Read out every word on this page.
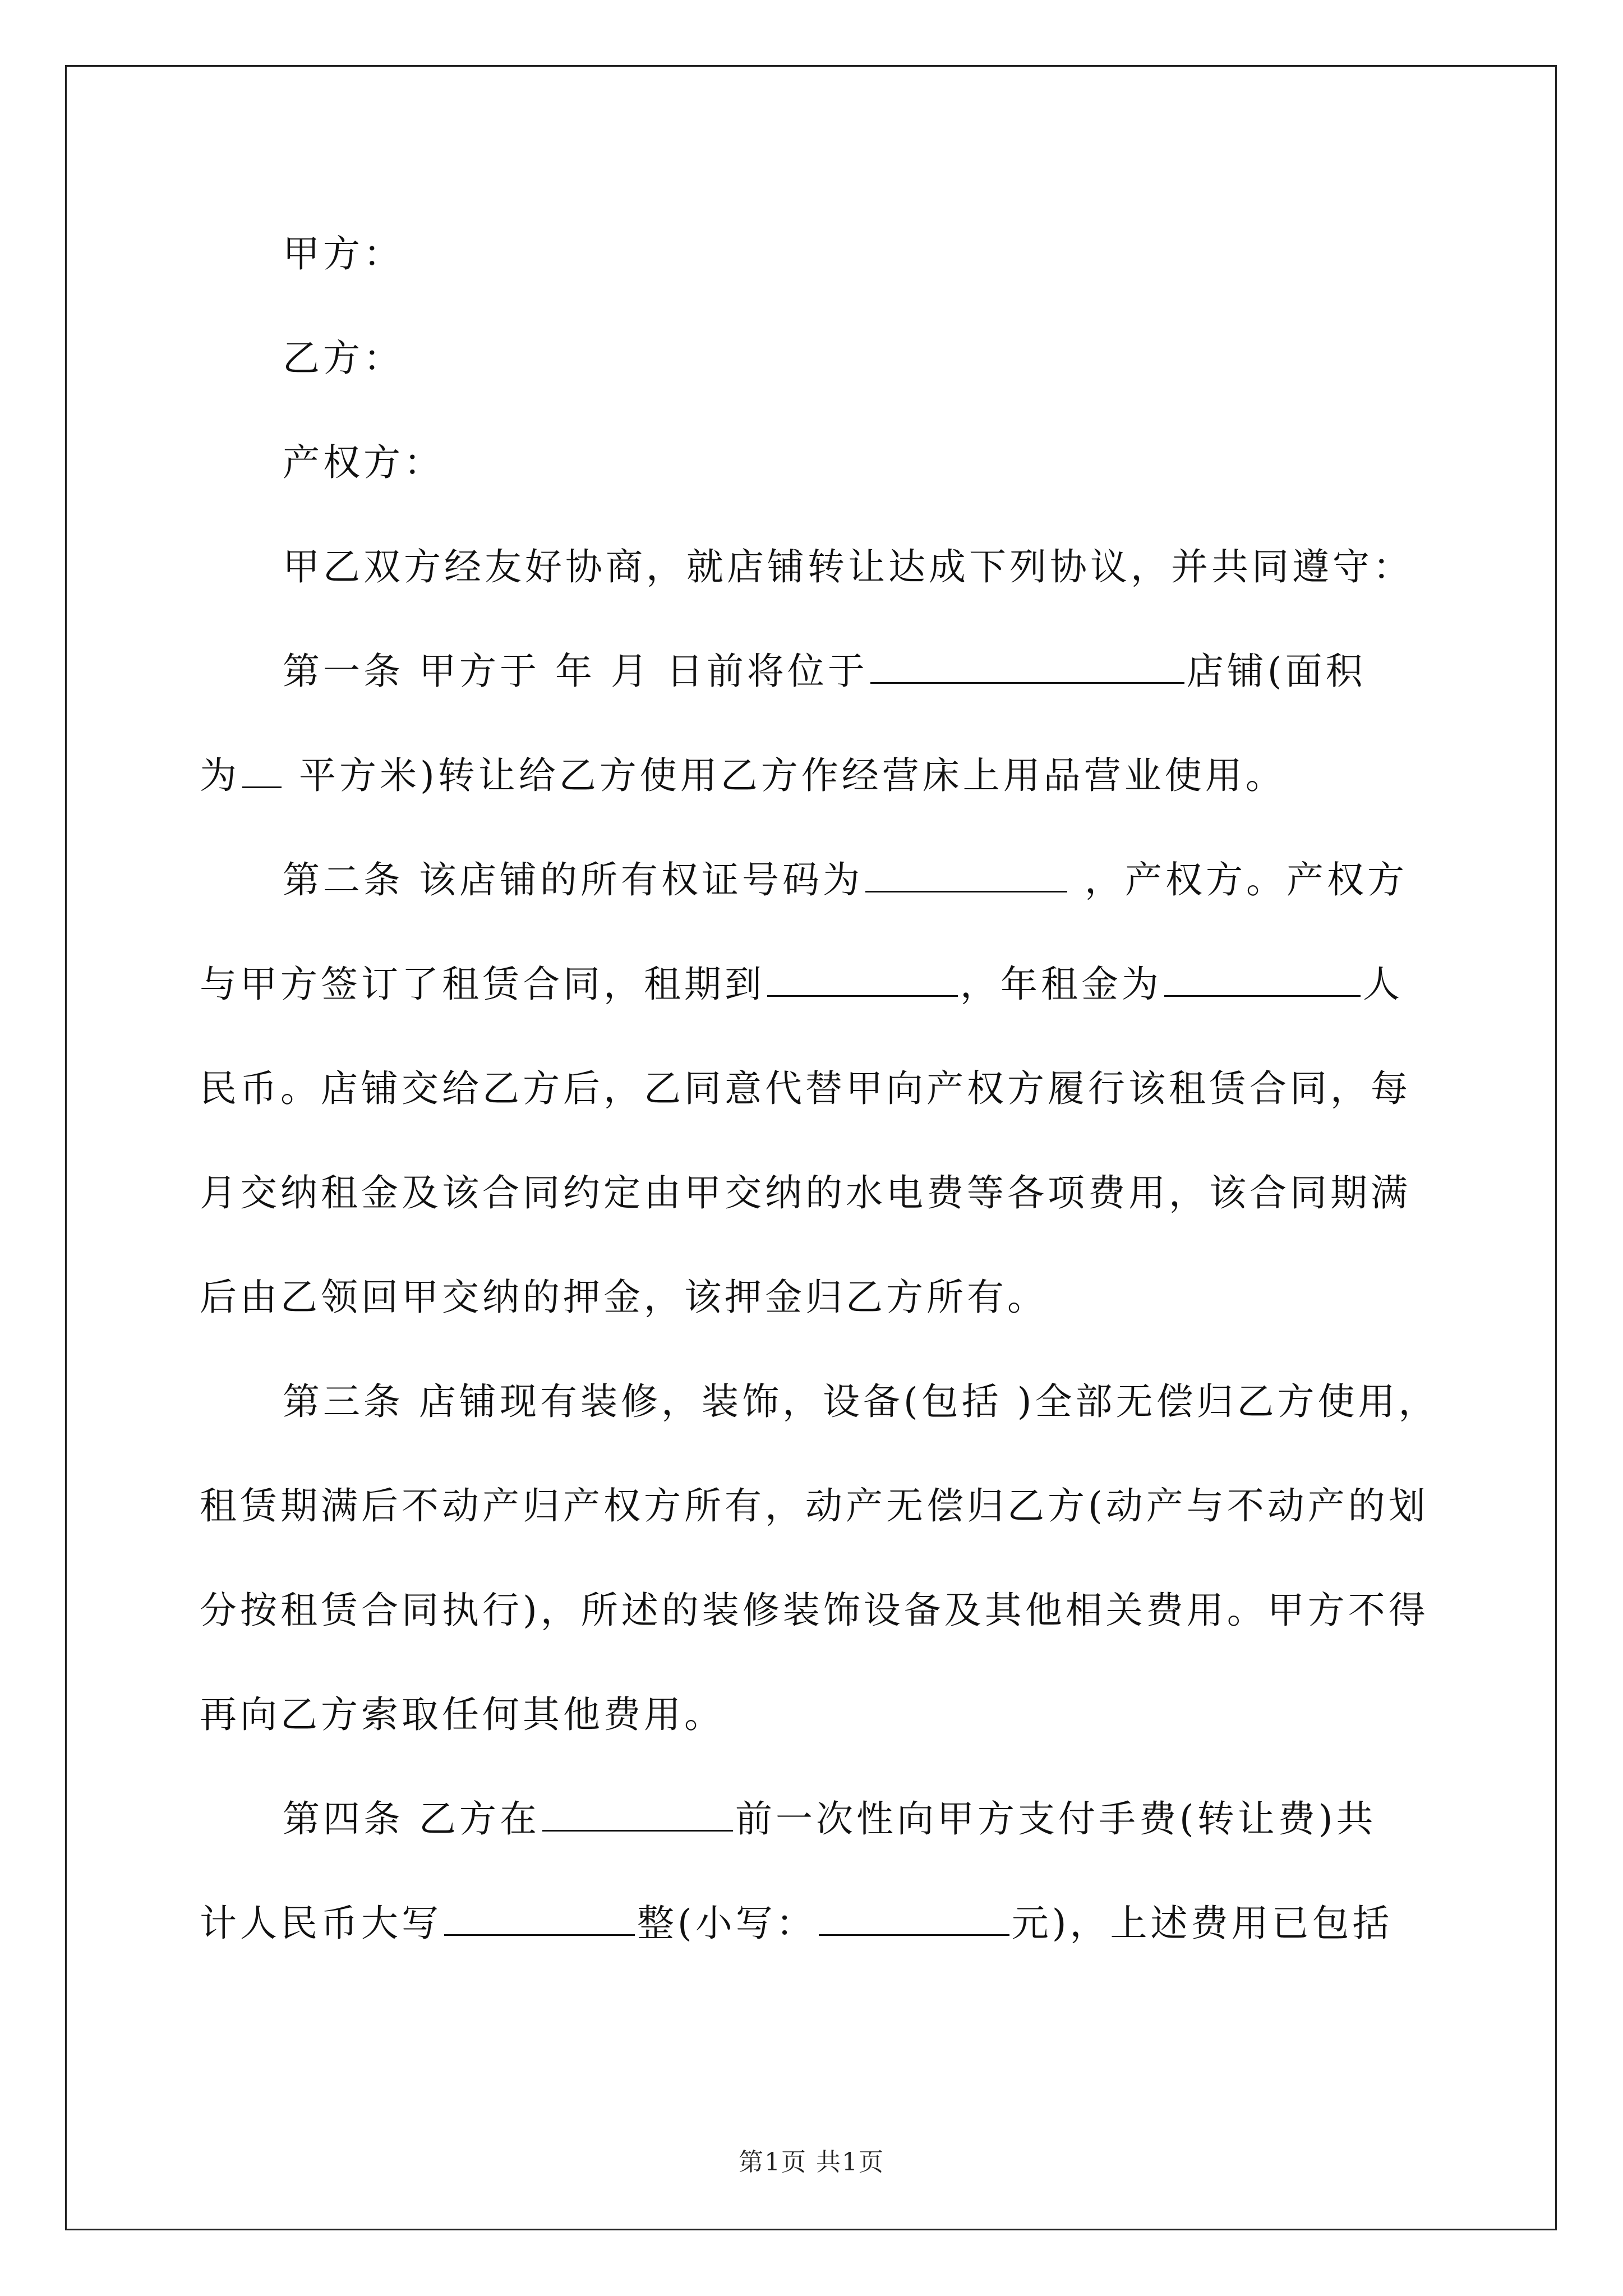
甲方：
乙方：
产权方：
甲乙双方经友好协商，就店铺转让达成下列协议，并共同遵守：
第一条 甲方于 年 月 日前将位于	店铺(面积
为 平方米)转让给乙方使用乙方作经营床上用品营业使用。
第二条 该店铺的所有权证号码为	，产权方。产权方
与甲方签订了租赁合同，租期到	，年租金为	人
民币。店铺交给乙方后，乙同意代替甲向产权方履行该租赁合同，每
月交纳租金及该合同约定由甲交纳的水电费等各项费用，该合同期满
后由乙领回甲交纳的押金，该押金归乙方所有。
第三条 店铺现有装修，装饰，设备(包括 )全部无偿归乙方使用，
租赁期满后不动产归产权方所有，动产无偿归乙方(动产与不动产的划
分按租赁合同执行)，所述的装修装饰设备及其他相关费用。甲方不得
再向乙方索取任何其他费用。
第四条 乙方在	前一次性向甲方支付手费(转让费)共
计人民币大写	整(小写：	元)，上述费用已包括
第1页 共1页
